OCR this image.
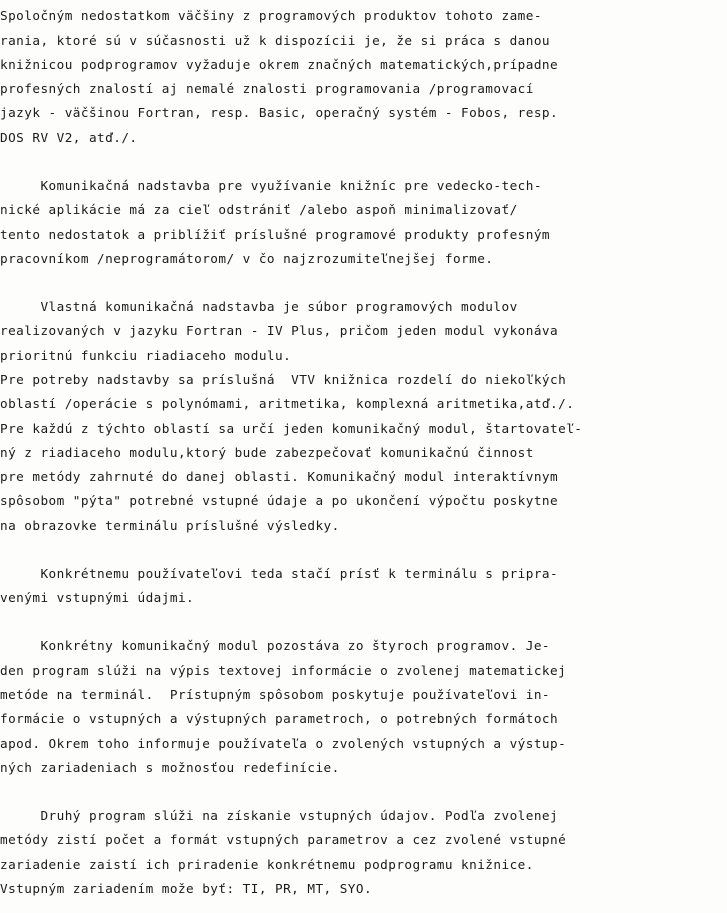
Spoločným nedostatkom väčšiny z programových produktov tohoto zame-
rania, ktoré sú v súčasnosti už k dispozícii je, že si práca s danou
knižnicou podprogramov vyžaduje okrem značných matematických,prípadne
profesných znalostí aj nemalé znalosti programovania /programovací
jazyk - väčšinou Fortran, resp. Basic, operačný systém - Fobos, resp.
DOS RV V2, atď./.
Komunikačná nadstavba pre využívanie knižníc pre vedecko-tech-
nické aplikácie má za cieľ odstrániť /alebo aspoň minimalizovať/
tento nedostatok a priblížiť príslušné programové produkty profesným
pracovníkom /neprogramátorom/ v čo najzrozumiteľnejšej forme.
Vlastná komunikačná nadstavba je súbor programových modulov
realizovaných v jazyku Fortran - IV Plus, pričom jeden modul vykonáva
prioritnú funkciu riadiaceho modulu.
Pre potreby nadstavby sa príslušná  VTV knižnica rozdelí do niekoľkých
oblastí /operácie s polynómami, aritmetika, komplexná aritmetika,atď./.
Pre každú z týchto oblastí sa určí jeden komunikačný modul, štartovateľ-
ný z riadiaceho modulu,ktorý bude zabezpečovať komunikačnú činnost
pre metódy zahrnuté do danej oblasti. Komunikačný modul interaktívnym
spôsobom "pýta" potrebné vstupné údaje a po ukončení výpočtu poskytne
na obrazovke terminálu príslušné výsledky.
Konkrétnemu používateľovi teda stačí prísť k terminálu s pripra-
venými vstupnými údajmi.
Konkrétny komunikačný modul pozostáva zo štyroch programov. Je-
den program slúži na výpis textovej informácie o zvolenej matematickej
metóde na terminál.  Prístupným spôsobom poskytuje používateľovi in-
formácie o vstupných a výstupných parametroch, o potrebných formátoch
apod. Okrem toho informuje používateľa o zvolených vstupných a výstup-
ných zariadeniach s možnosťou redefinície.
Druhý program slúži na získanie vstupných údajov. Podľa zvolenej
metódy zistí počet a formát vstupných parametrov a cez zvolené vstupné
zariadenie zaistí ich priradenie konkrétnemu podprogramu knižnice.
Vstupným zariadením može byť: TI, PR, MT, SYO.
